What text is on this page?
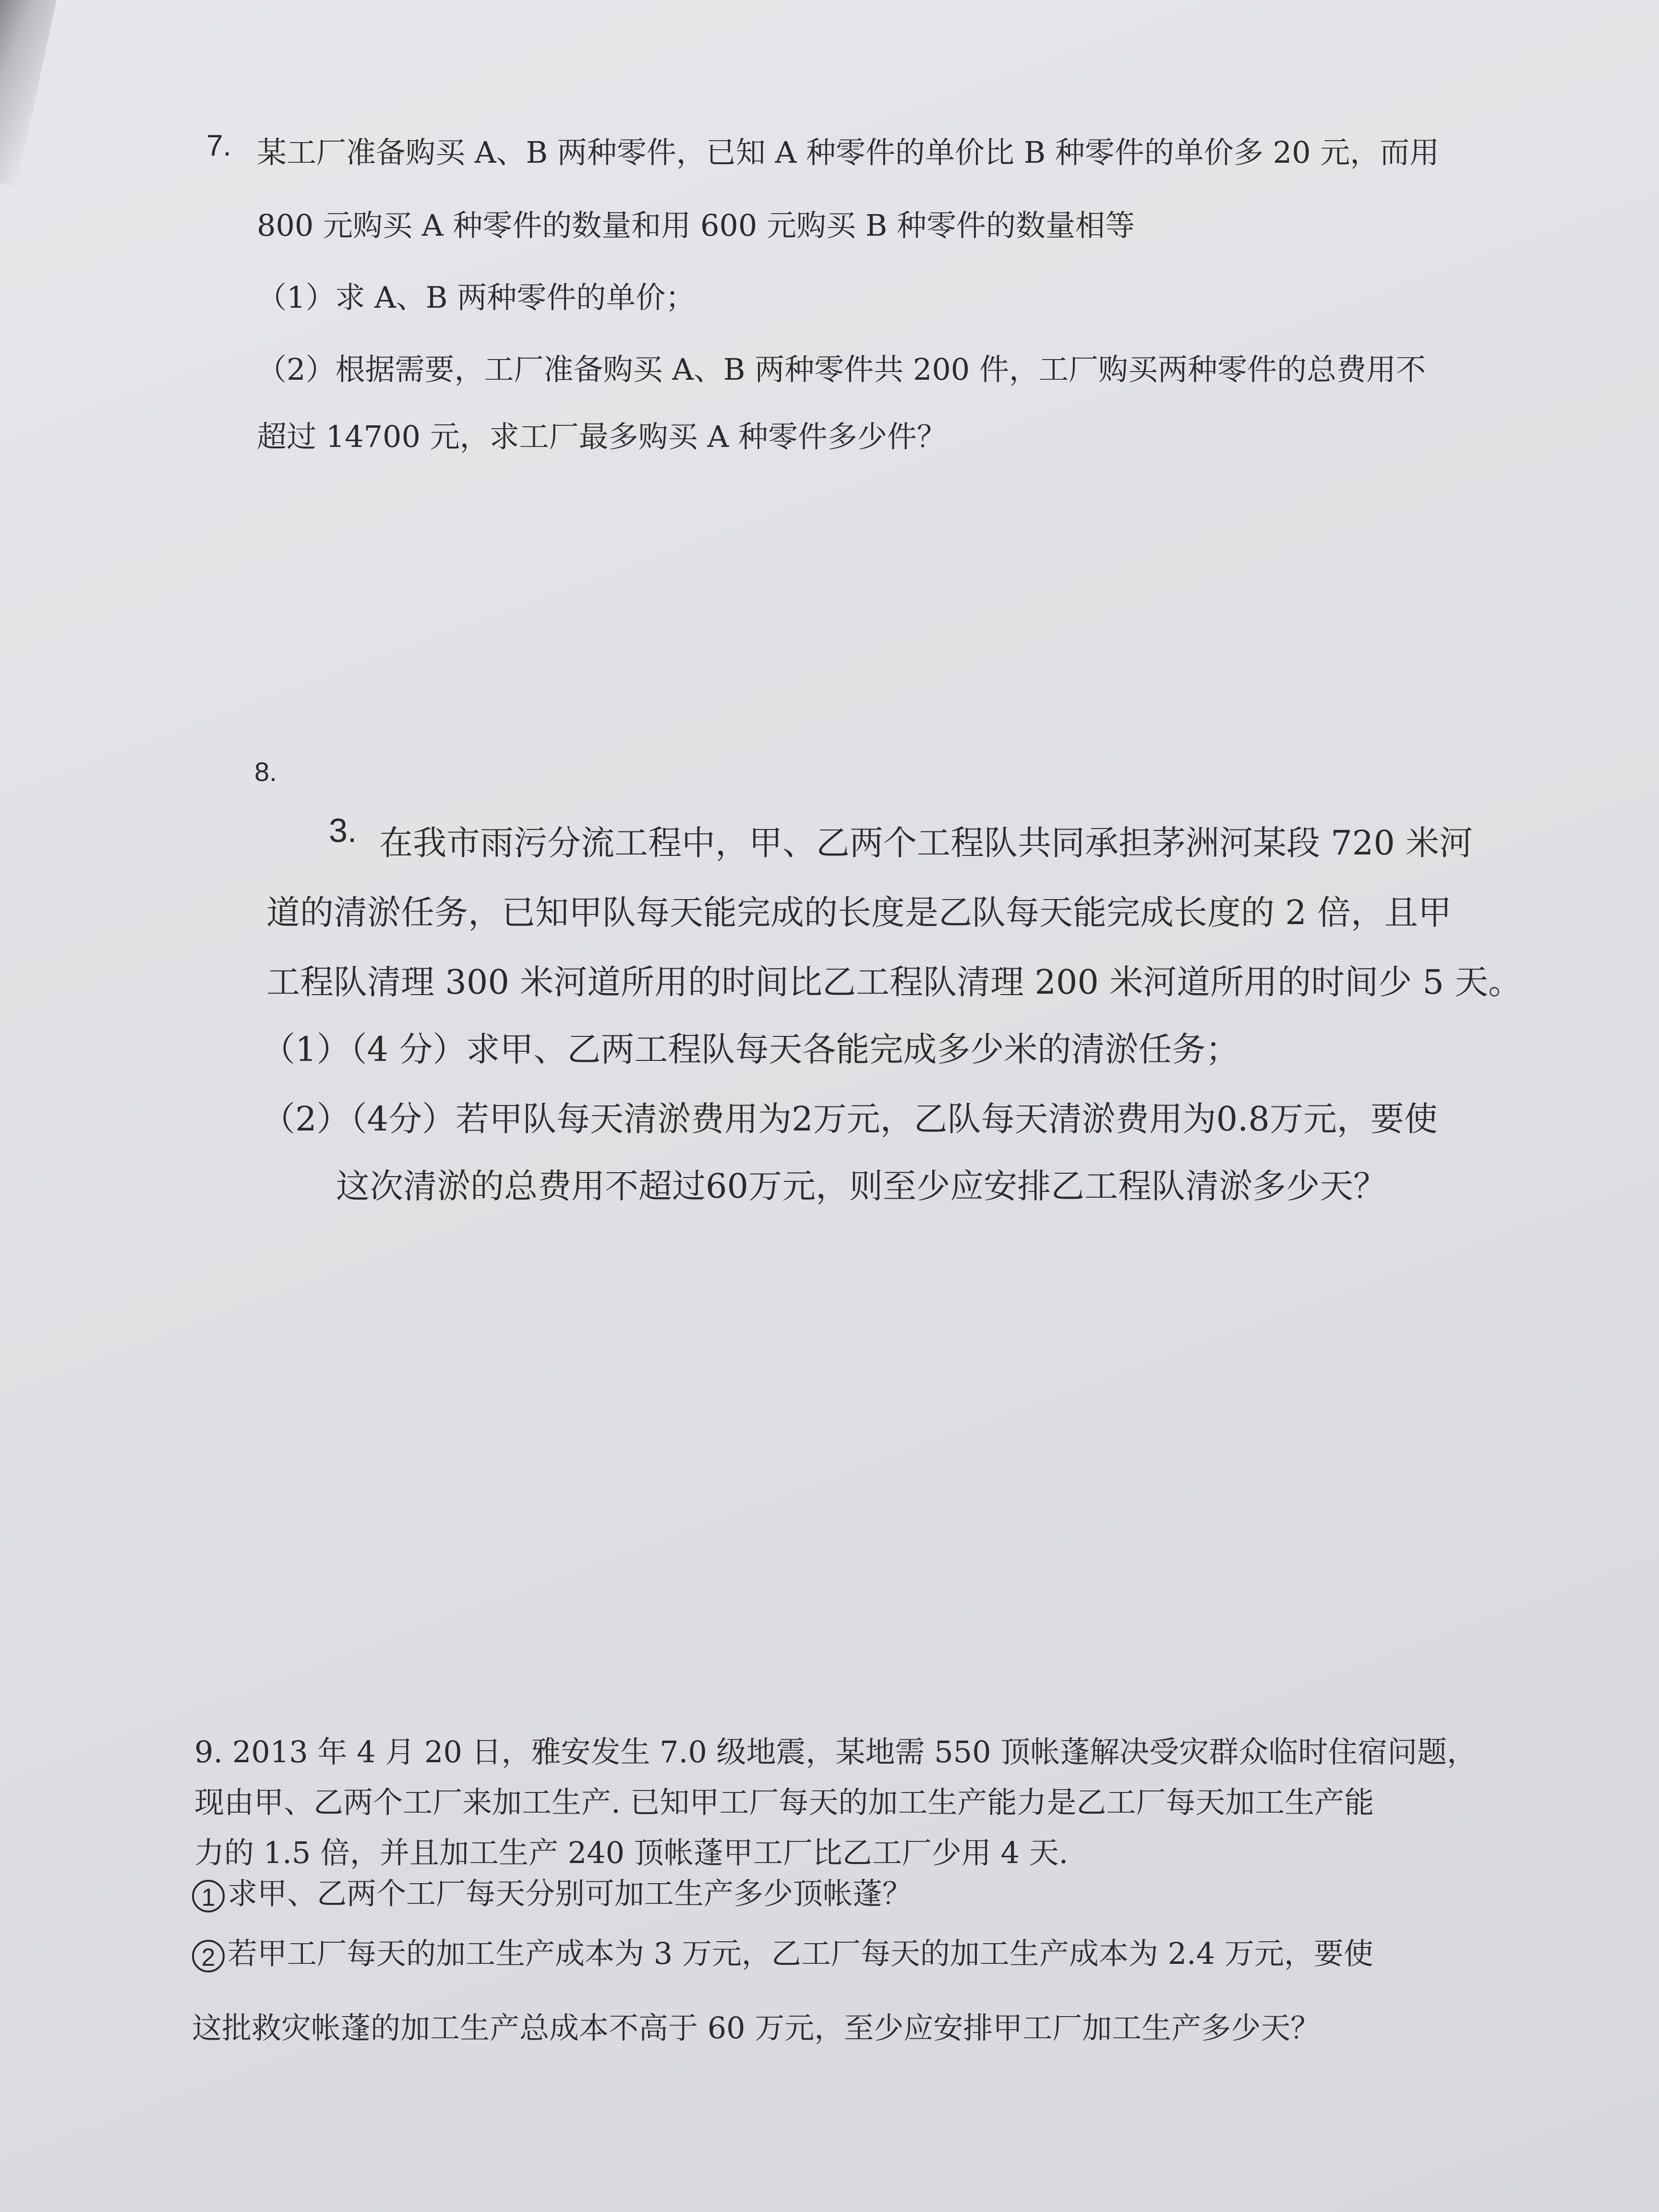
7. 某工厂准备购买 A、B 两种零件，已知 A 种零件的单价比 B 种零件的单价多 20 元，而用
800 元购买 A 种零件的数量和用 600 元购买 B 种零件的数量相等
（1）求 A、B 两种零件的单价；
（2）根据需要，工厂准备购买 A、B 两种零件共 200 件，工厂购买两种零件的总费用不
超过 14700 元，求工厂最多购买 A 种零件多少件？
8.
3. 在我市雨污分流工程中，甲、乙两个工程队共同承担茅洲河某段 720 米河
道的清淤任务，已知甲队每天能完成的长度是乙队每天能完成长度的 2 倍，且甲
工程队清理 300 米河道所用的时间比乙工程队清理 200 米河道所用的时间少 5 天。
（1）（4 分）求甲、乙两工程队每天各能完成多少米的清淤任务；
（2）（4分）若甲队每天清淤费用为2万元，乙队每天清淤费用为0.8万元，要使
这次清淤的总费用不超过60万元，则至少应安排乙工程队清淤多少天？
9. 2013 年 4 月 20 日，雅安发生 7.0 级地震，某地需 550 顶帐蓬解决受灾群众临时住宿问题，
现由甲、乙两个工厂来加工生产. 已知甲工厂每天的加工生产能力是乙工厂每天加工生产能
力的 1.5 倍，并且加工生产 240 顶帐蓬甲工厂比乙工厂少用 4 天.
1 求甲、乙两个工厂每天分别可加工生产多少顶帐蓬？
2 若甲工厂每天的加工生产成本为 3 万元，乙工厂每天的加工生产成本为 2.4 万元，要使
这批救灾帐蓬的加工生产总成本不高于 60 万元，至少应安排甲工厂加工生产多少天？
